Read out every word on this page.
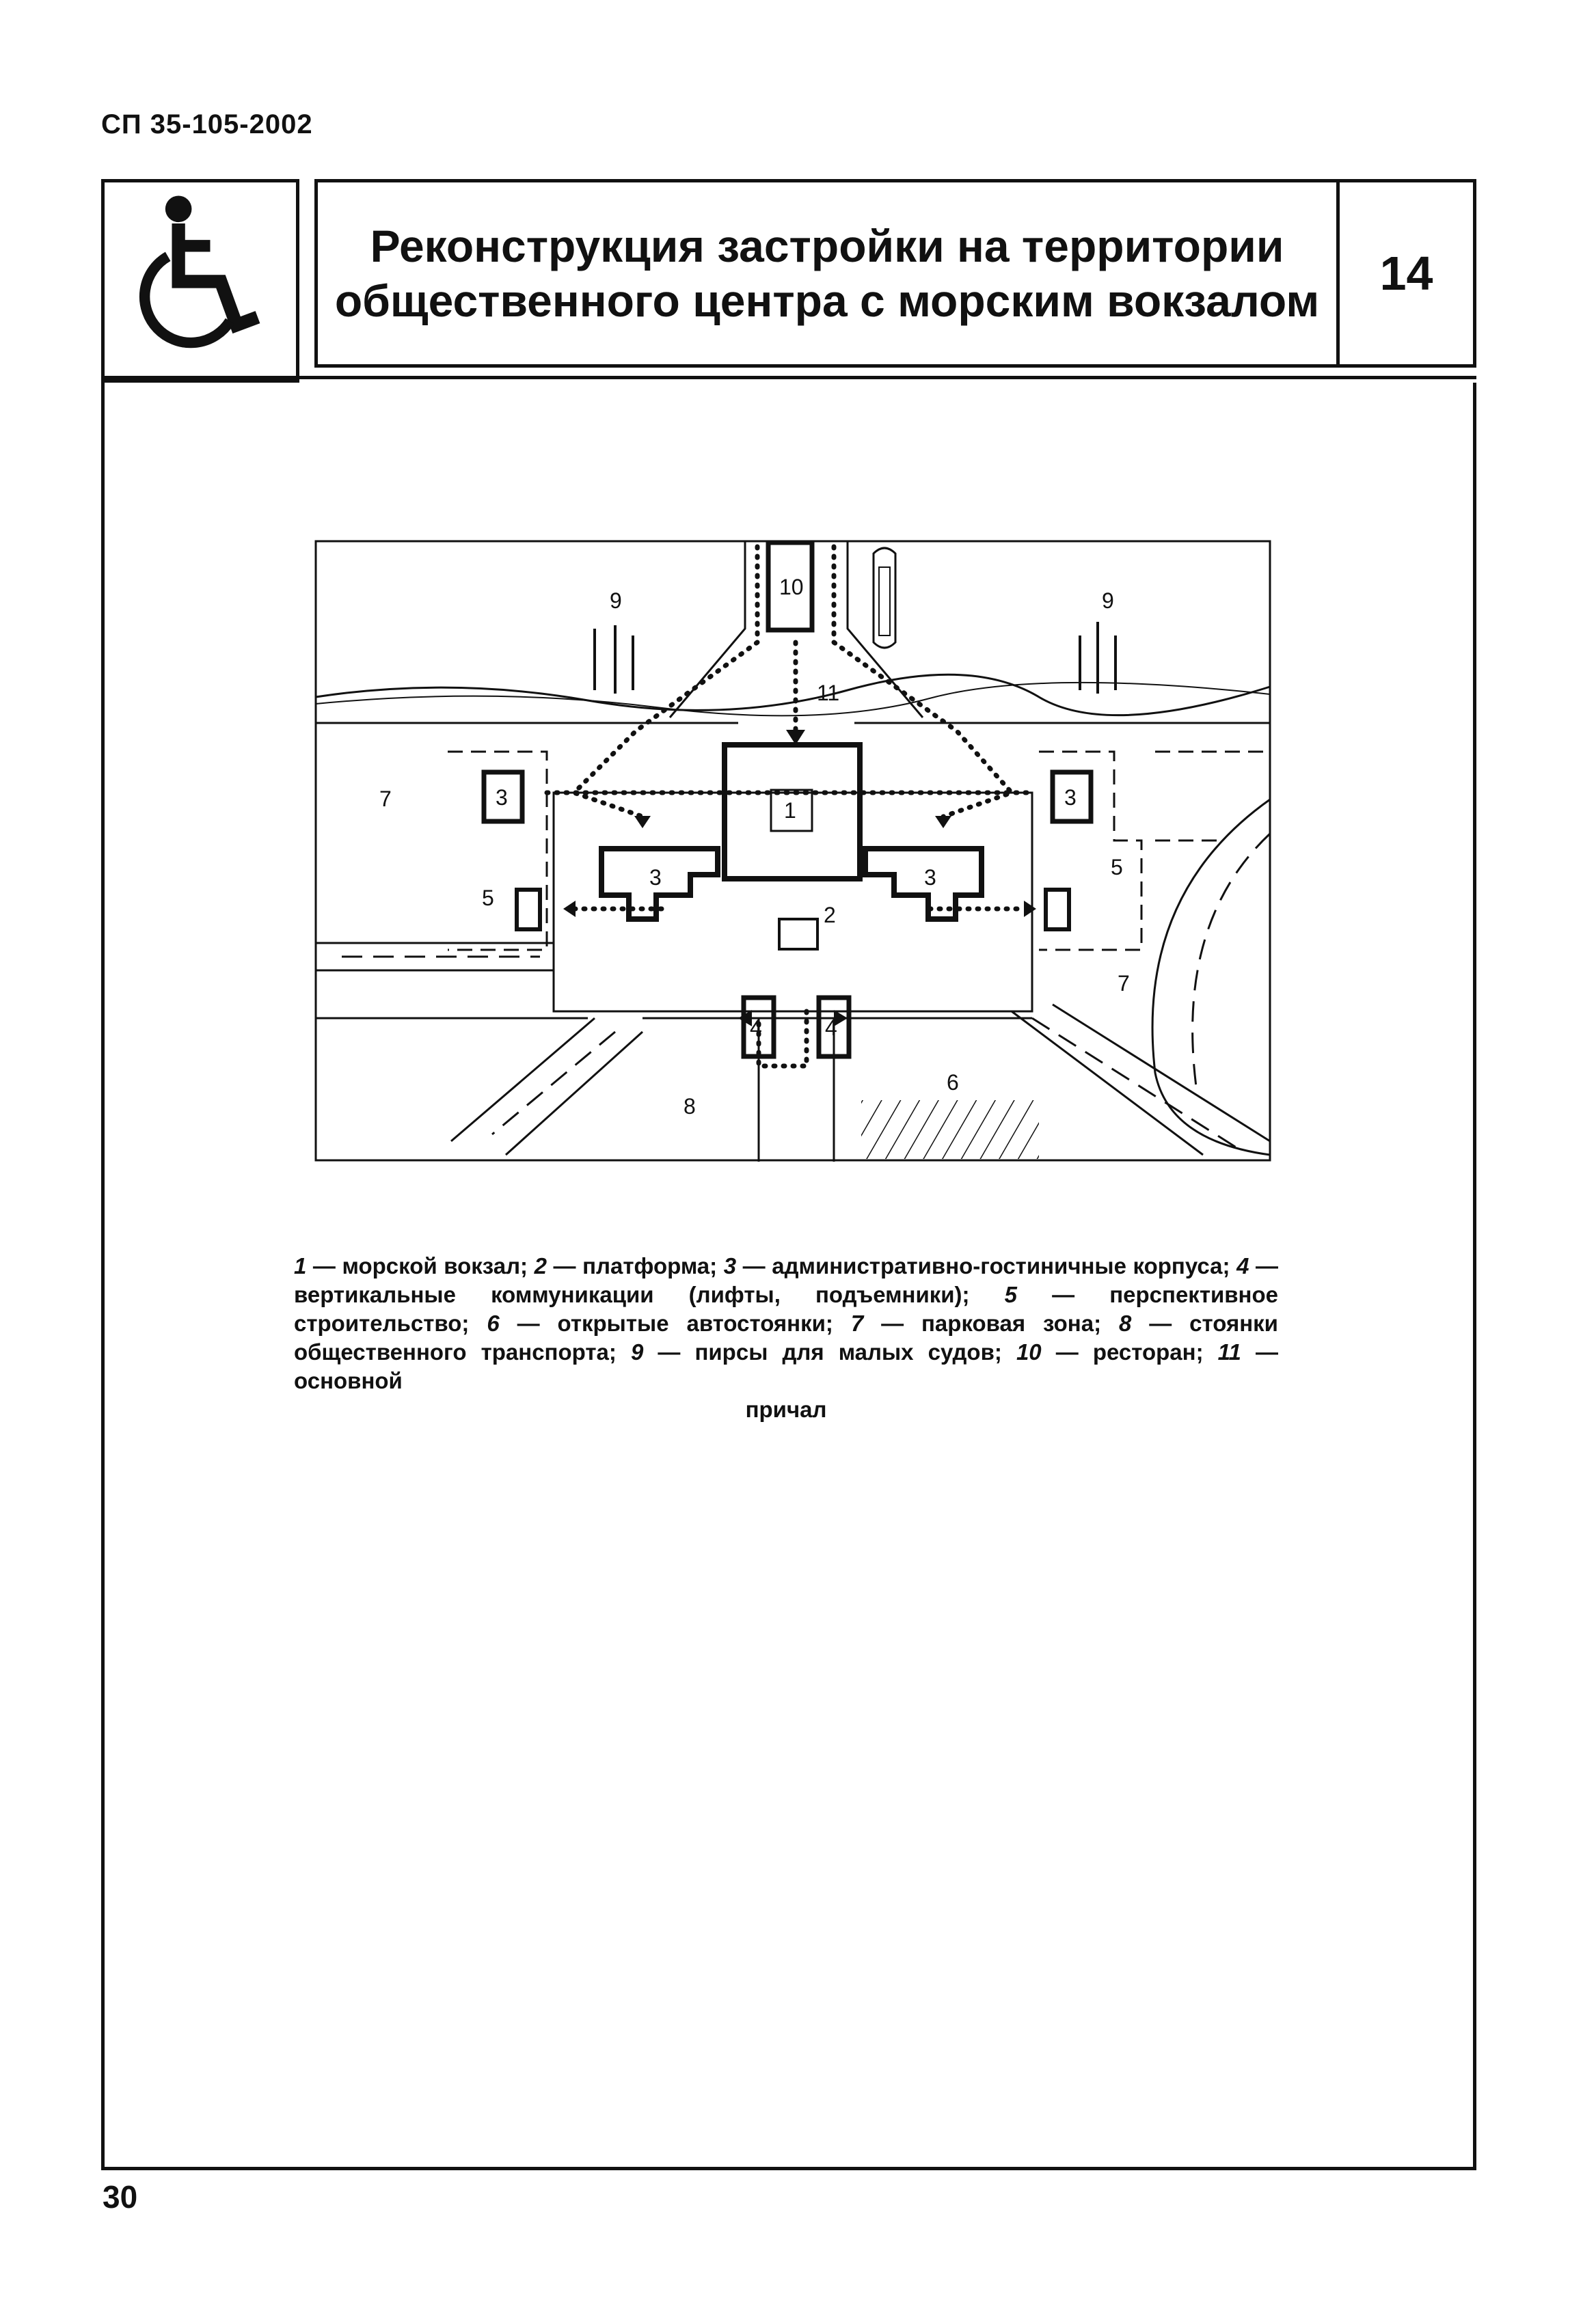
СП 35-105-2002
Реконструкция застройки на территории
общественного центра с морским вокзалом
14
10
9	9
2
1
3	3
3	3
5
5
7
7
4	4
8
6
11
1 — морской вокзал; 2 — платформа; 3 — административно-гостиничные корпуса; 4 — вертикальные коммуникации (лифты, подъемники); 5 — перспективное строительство; 6 — открытые автостоянки; 7 — парковая зона; 8 — стоянки общественного транспорта; 9 — пирсы для малых судов; 10 — ресторан; 11 — основной
причал
30
